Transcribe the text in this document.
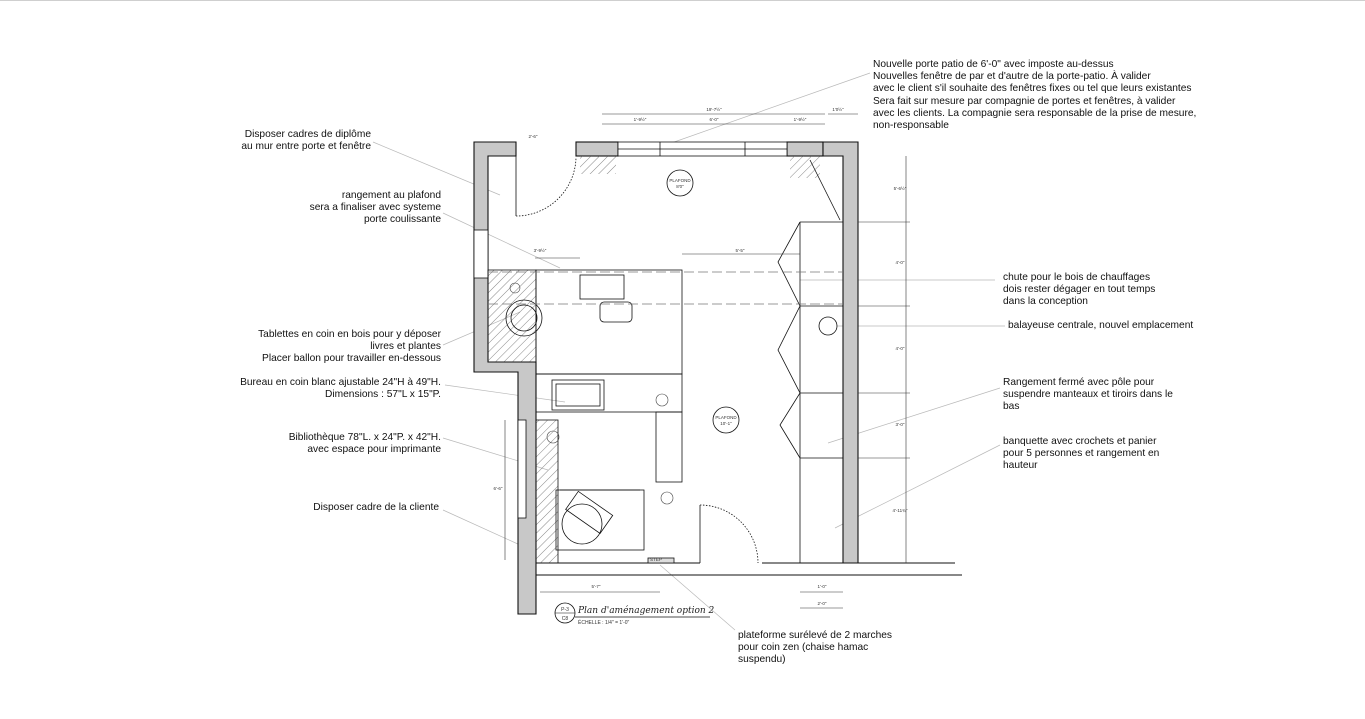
PLAFOND
8'0"
PLAFOND
10'-1"
19'-7½"
1'-9½"	6'-0"	1'-9½"
1'0½"
3'-9½"	5'-5"
6'-6"
5'-7"	1'-0"
2'-0"
5'-6½"
4'-0"
4'-0"
3'-0"
4'-11¾"
2'-6"
STEP
P-3
C8
Plan d'aménagement option 2
ÉCHELLE : 1/4" = 1'-0"
Disposer cadres de diplôme
au mur entre porte et fenêtre
rangement au plafond
sera a finaliser avec systeme
porte coulissante
Tablettes en coin en bois pour y déposer
livres et plantes
Placer ballon pour travailler en-dessous
Bureau en coin blanc ajustable 24"H à 49"H.
Dimensions : 57"L x 15"P.
Bibliothèque 78"L. x 24"P. x 42"H.
avec espace pour imprimante
Disposer cadre de la cliente
Nouvelle porte patio de 6'-0" avec imposte au-dessus
Nouvelles fenêtre de par et d'autre de la porte-patio. À valider
avec le client s'il souhaite des fenêtres fixes ou tel que leurs existantes
Sera fait sur mesure par compagnie de portes et fenêtres, à valider
avec les clients. La compagnie sera responsable de la prise de mesure,
non-responsable
chute pour le bois de chauffages
dois rester dégager en tout temps
dans la conception
balayeuse centrale, nouvel emplacement
Rangement fermé avec pôle pour
suspendre manteaux et tiroirs dans le
bas
banquette avec crochets et panier
pour 5 personnes et rangement en
hauteur
plateforme surélevé de 2 marches
pour coin zen (chaise hamac
suspendu)
